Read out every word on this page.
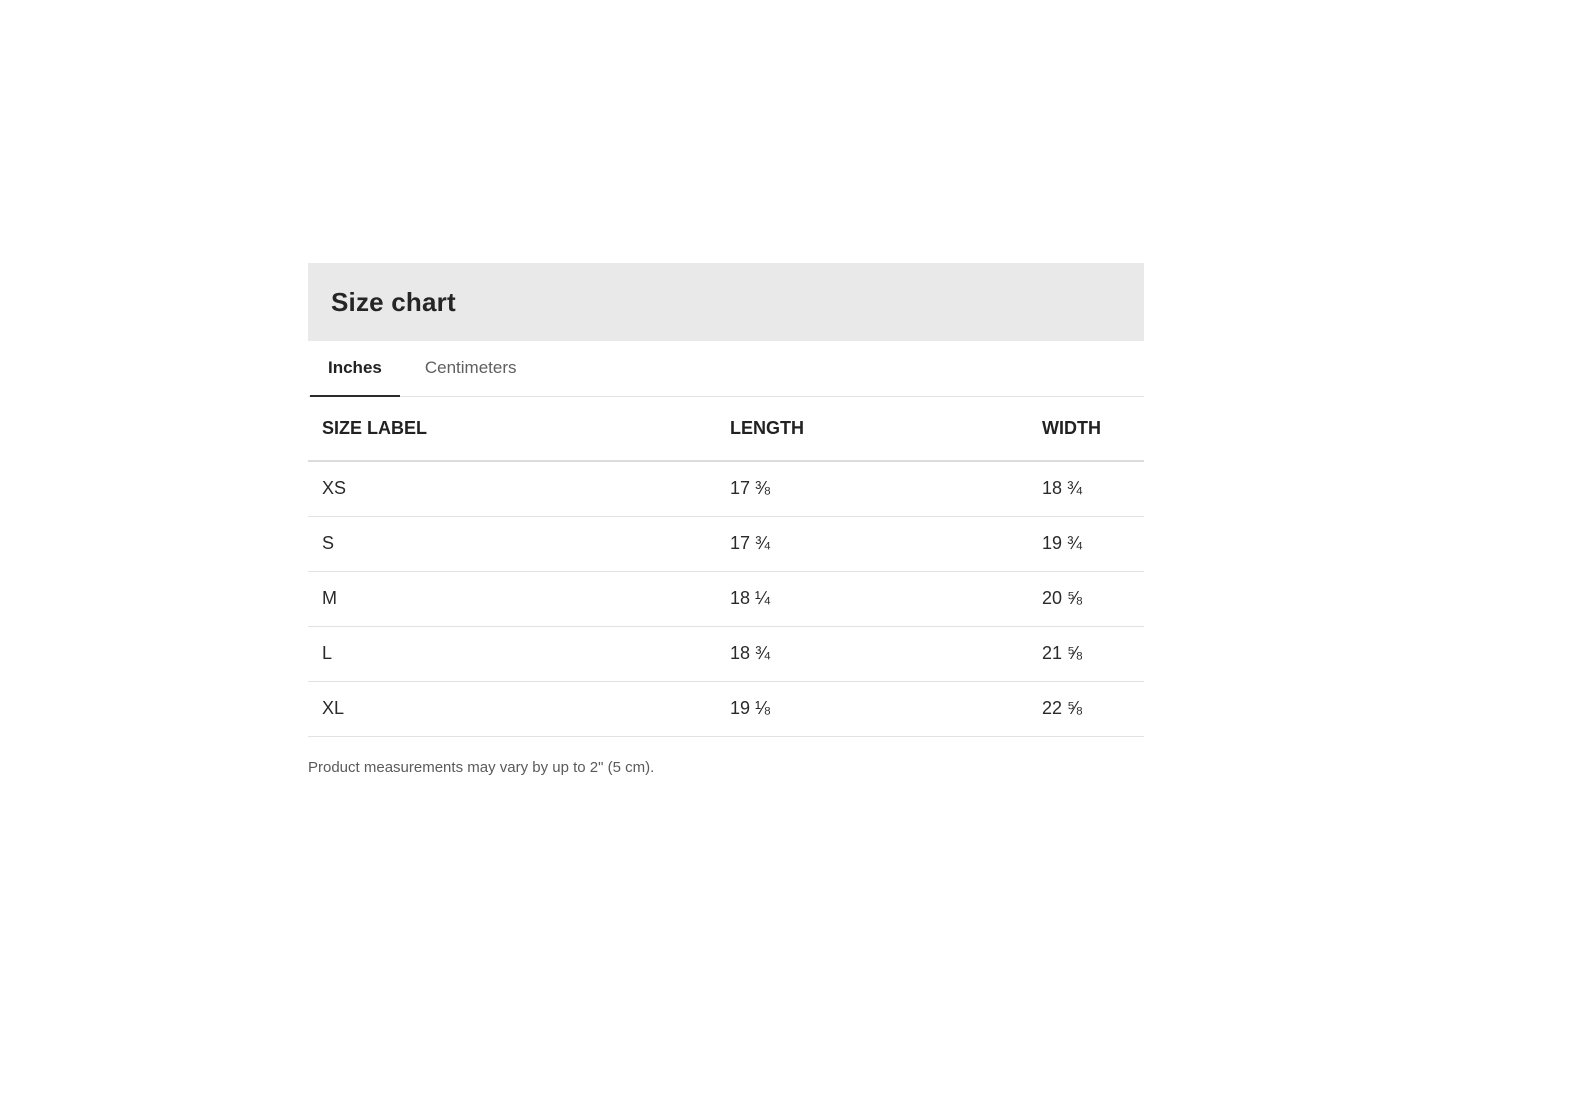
Size chart
Inches	Centimeters
SIZE LABEL	LENGTH	WIDTH
XS	17 ⅜	18 ¾
S	17 ¾	19 ¾
M	18 ¼	20 ⅝
L	18 ¾	21 ⅝
XL	19 ⅛	22 ⅝

Product measurements may vary by up to 2" (5 cm).
